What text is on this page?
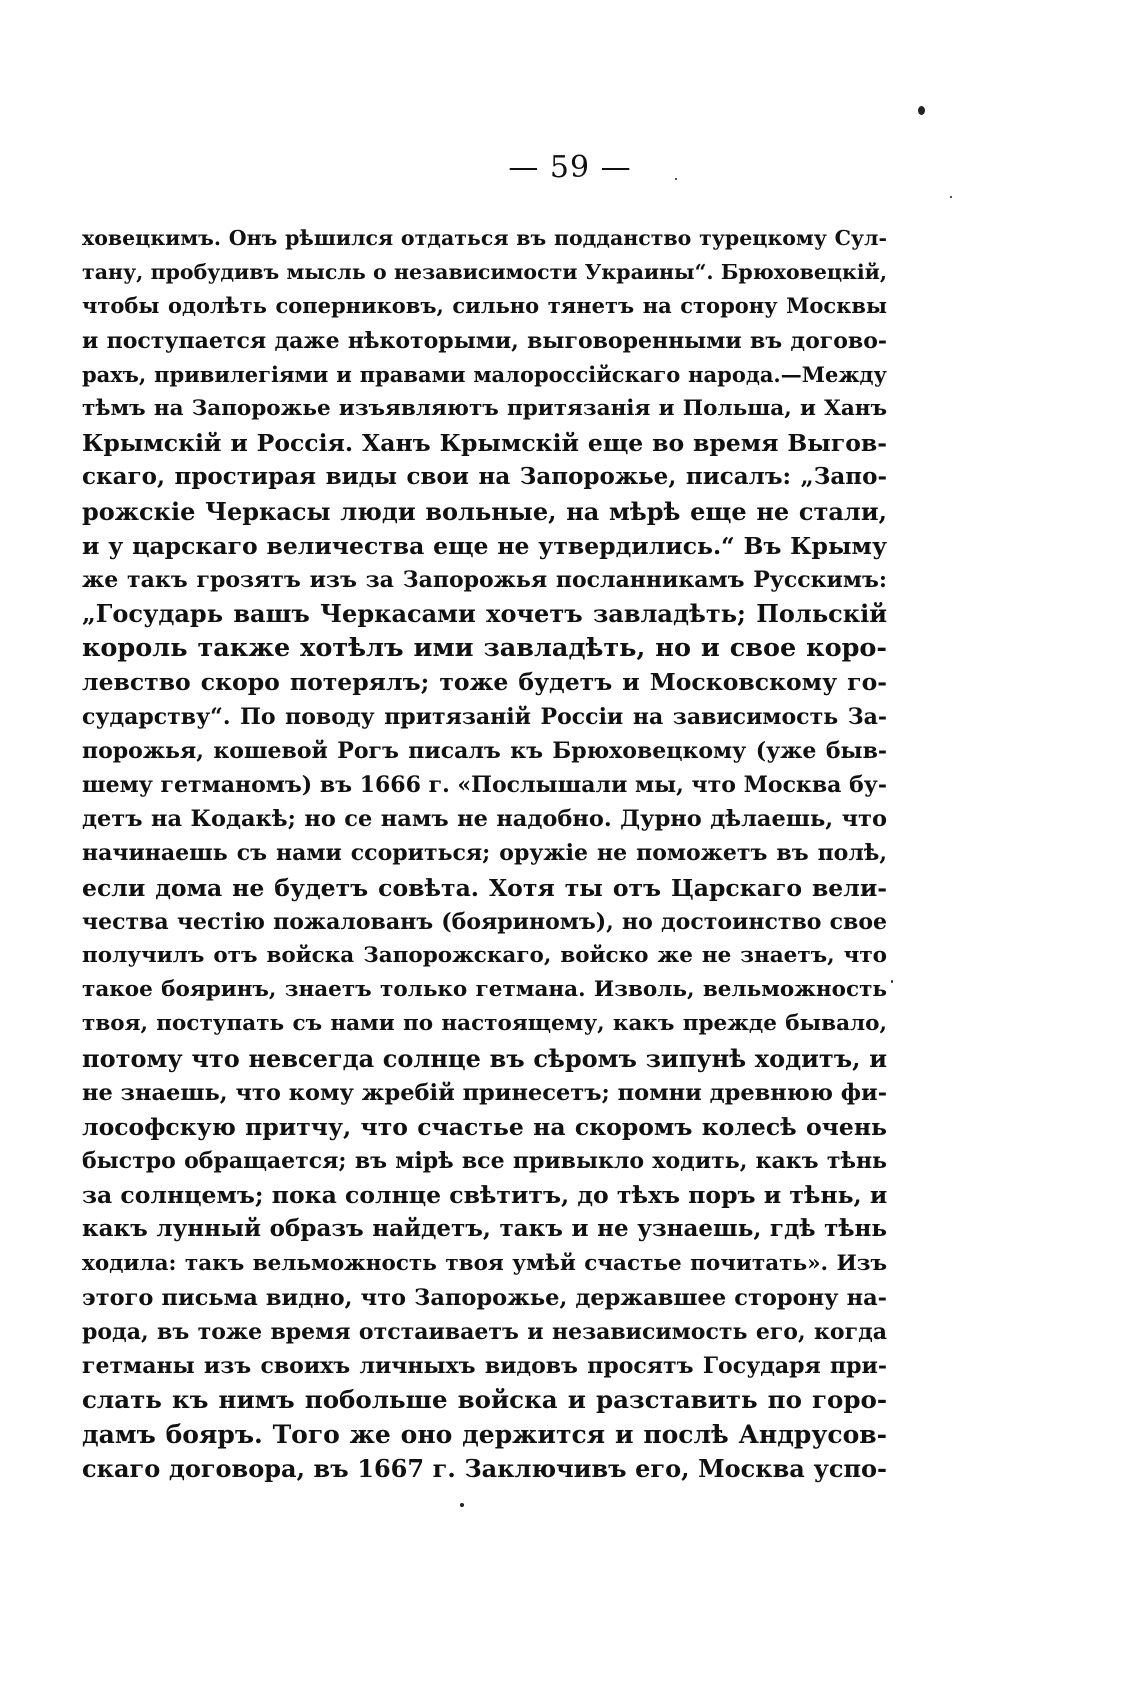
— 59 —
ховецкимъ. Онъ рѣшился отдаться въ подданство турецкому Сул-
тану, пробудивъ мысль о независимости Украины“. Брюховецкій,
чтобы одолѣть соперниковъ, сильно тянетъ на сторону Москвы
и поступается даже нѣкоторыми, выговоренными въ догово-
рахъ, привилегіями и правами малороссійскаго народа.—Между
тѣмъ на Запорожье изъявляютъ притязанія и Польша, и Ханъ
Крымскій и Россія. Ханъ Крымскій еще во время Выгов-
скаго, простирая виды свои на Запорожье, писалъ: „Запо-
рожскіе Черкасы люди вольные, на мѣрѣ еще не стали,
и у царскаго величества еще не утвердились.“ Въ Крыму
же такъ грозятъ изъ за Запорожья посланникамъ Русскимъ:
„Государь вашъ Черкасами хочетъ завладѣть; Польскій
король также хотѣлъ ими завладѣть, но и свое коро-
левство скоро потерялъ; тоже будетъ и Московскому го-
сударству“. По поводу притязаній Россіи на зависимость За-
порожья, кошевой Рогъ писалъ къ Брюховецкому (уже быв-
шему гетманомъ) въ 1666 г. «Послышали мы, что Москва бу-
детъ на Кодакѣ; но се намъ не надобно. Дурно дѣлаешь, что
начинаешь съ нами ссориться; оружіе не поможетъ въ полѣ,
если дома не будетъ совѣта. Хотя ты отъ Царскаго вели-
чества честію пожалованъ (бояриномъ), но достоинство свое
получилъ отъ войска Запорожскаго, войско же не знаетъ, что
такое бояринъ, знаетъ только гетмана. Изволь, вельможность
твоя, поступать съ нами по настоящему, какъ прежде бывало,
потому что невсегда солнце въ сѣромъ зипунѣ ходитъ, и
не знаешь, что кому жребій принесетъ; помни древнюю фи-
лософскую притчу, что счастье на скоромъ колесѣ очень
быстро обращается; въ мірѣ все привыкло ходить, какъ тѣнь
за солнцемъ; пока солнце свѣтитъ, до тѣхъ поръ и тѣнь, и
какъ лунный образъ найдетъ, такъ и не узнаешь, гдѣ тѣнь
ходила: такъ вельможность твоя умѣй счастье почитать». Изъ
этого письма видно, что Запорожье, державшее сторону на-
рода, въ тоже время отстаиваетъ и независимость его, когда
гетманы изъ своихъ личныхъ видовъ просятъ Государя при-
слать къ нимъ побольше войска и разставить по горо-
дамъ бояръ. Того же оно держится и послѣ Андрусов-
скаго договора, въ 1667 г. Заключивъ его, Москва успо-
